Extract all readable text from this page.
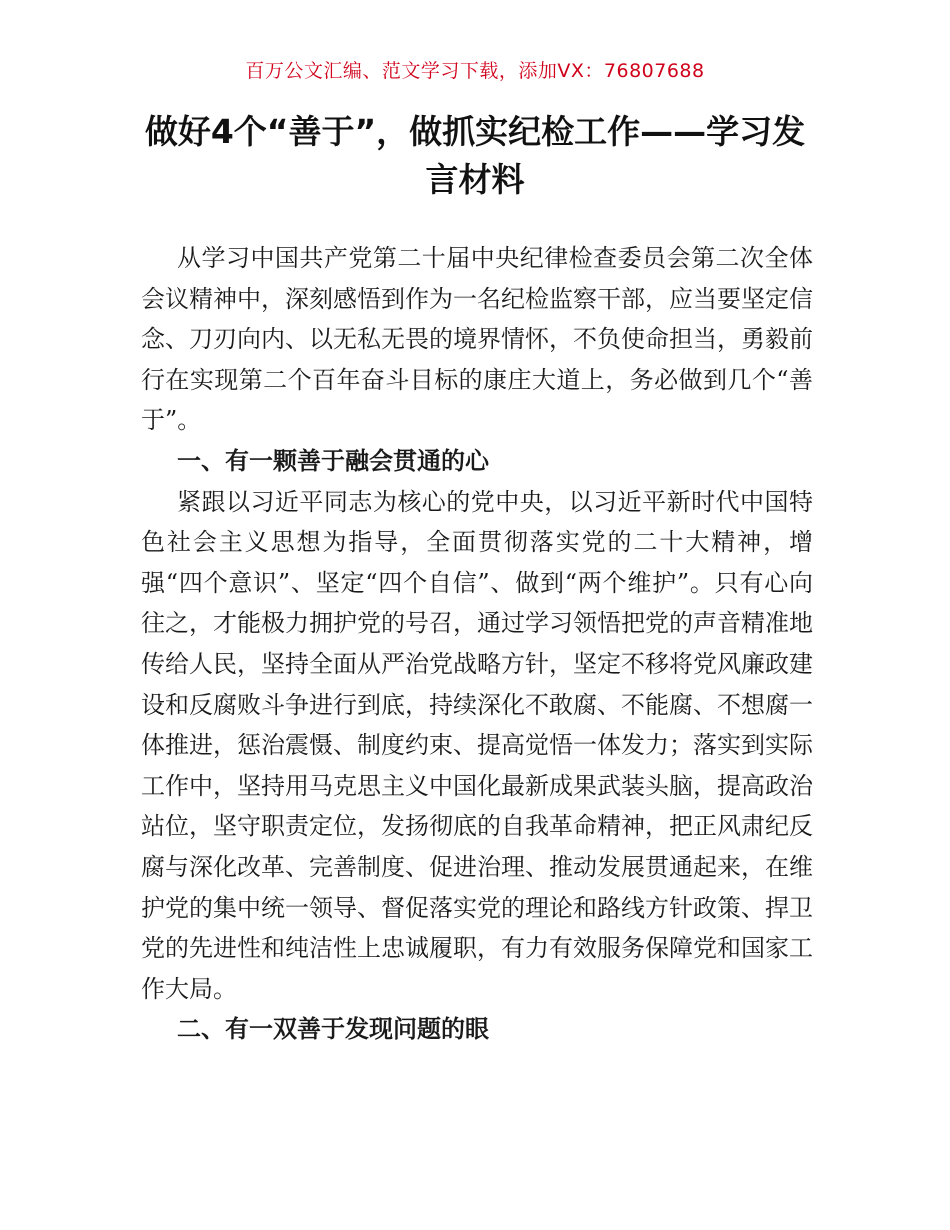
百万公文汇编、范文学习下载，添加VX：76807688
做好4个“善于”，做抓实纪检工作——学习发言材料

从学习中国共产党第二十届中央纪律检查委员会第二次全体会议精神中，深刻感悟到作为一名纪检监察干部，应当要坚定信念、刀刃向内、以无私无畏的境界情怀，不负使命担当，勇毅前行在实现第二个百年奋斗目标的康庄大道上，务必做到几个“善于”。

一、有一颗善于融会贯通的心

紧跟以习近平同志为核心的党中央，以习近平新时代中国特色社会主义思想为指导，全面贯彻落实党的二十大精神，增强“四个意识”、坚定“四个自信”、做到“两个维护”。只有心向往之，才能极力拥护党的号召，通过学习领悟把党的声音精准地传给人民，坚持全面从严治党战略方针，坚定不移将党风廉政建设和反腐败斗争进行到底，持续深化不敢腐、不能腐、不想腐一体推进，惩治震慑、制度约束、提高觉悟一体发力；落实到实际工作中，坚持用马克思主义中国化最新成果武装头脑，提高政治站位，坚守职责定位，发扬彻底的自我革命精神，把正风肃纪反腐与深化改革、完善制度、促进治理、推动发展贯通起来，在维护党的集中统一领导、督促落实党的理论和路线方针政策、捍卫党的先进性和纯洁性上忠诚履职，有力有效服务保障党和国家工作大局。

二、有一双善于发现问题的眼
